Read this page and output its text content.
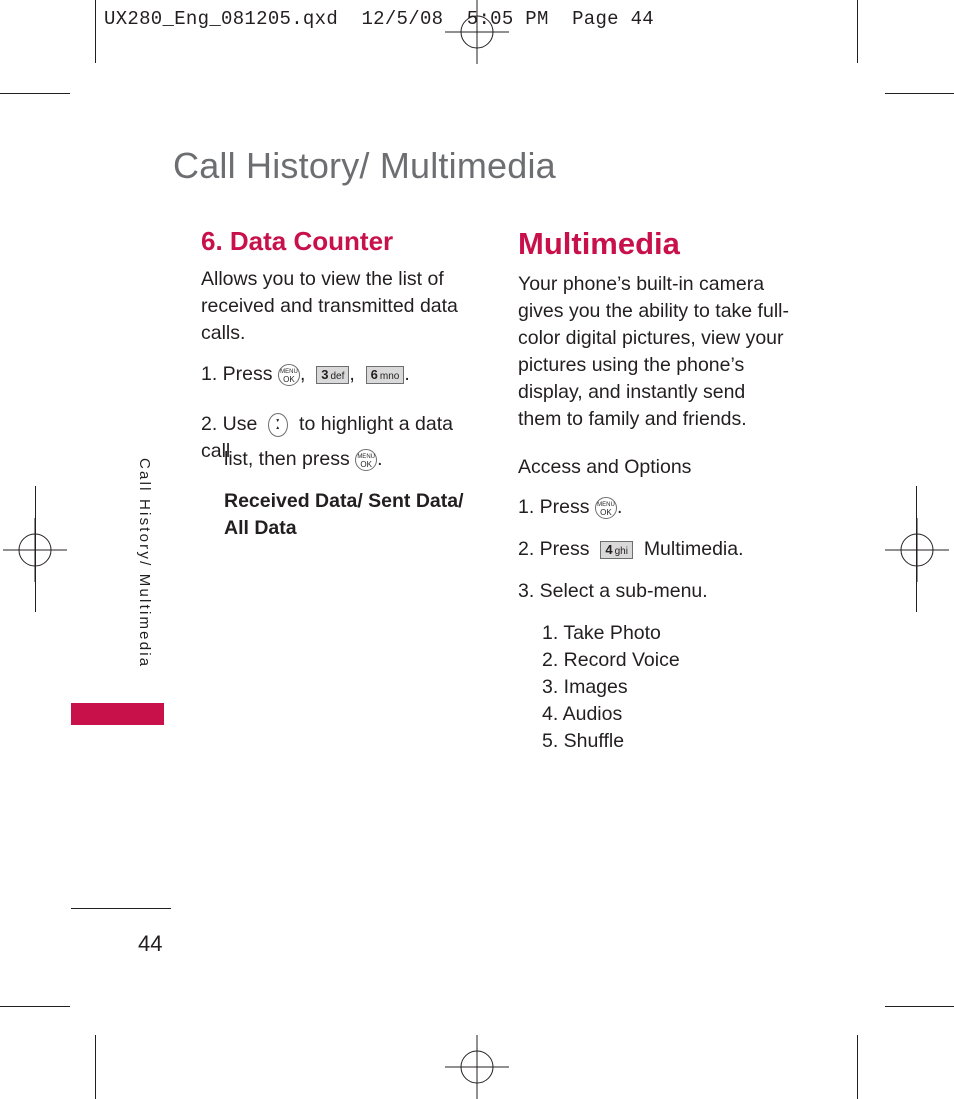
UX280_Eng_081205.qxd  12/5/08  5:05 PM  Page 44
Call History/ Multimedia
6. Data Counter
Allows you to view the list of received and transmitted data calls.
1. Press MENU
OK ,  3 def ,  6 mno .
2. Use  ▲ ▼ to highlight a data call
list, then press MENU
OK .
Received Data/ Sent Data/ All Data
Multimedia
Your phone’s built-in camera gives you the ability to take full-color digital pictures, view your pictures using the phone’s display, and instantly send them to family and friends.
Access and Options
1. Press MENU
OK .
2. Press 4 ghi Multimedia.
3. Select a sub-menu.
1. Take Photo
2. Record Voice
3. Images
4. Audios
5. Shuffle
Call History/ Multimedia
44
